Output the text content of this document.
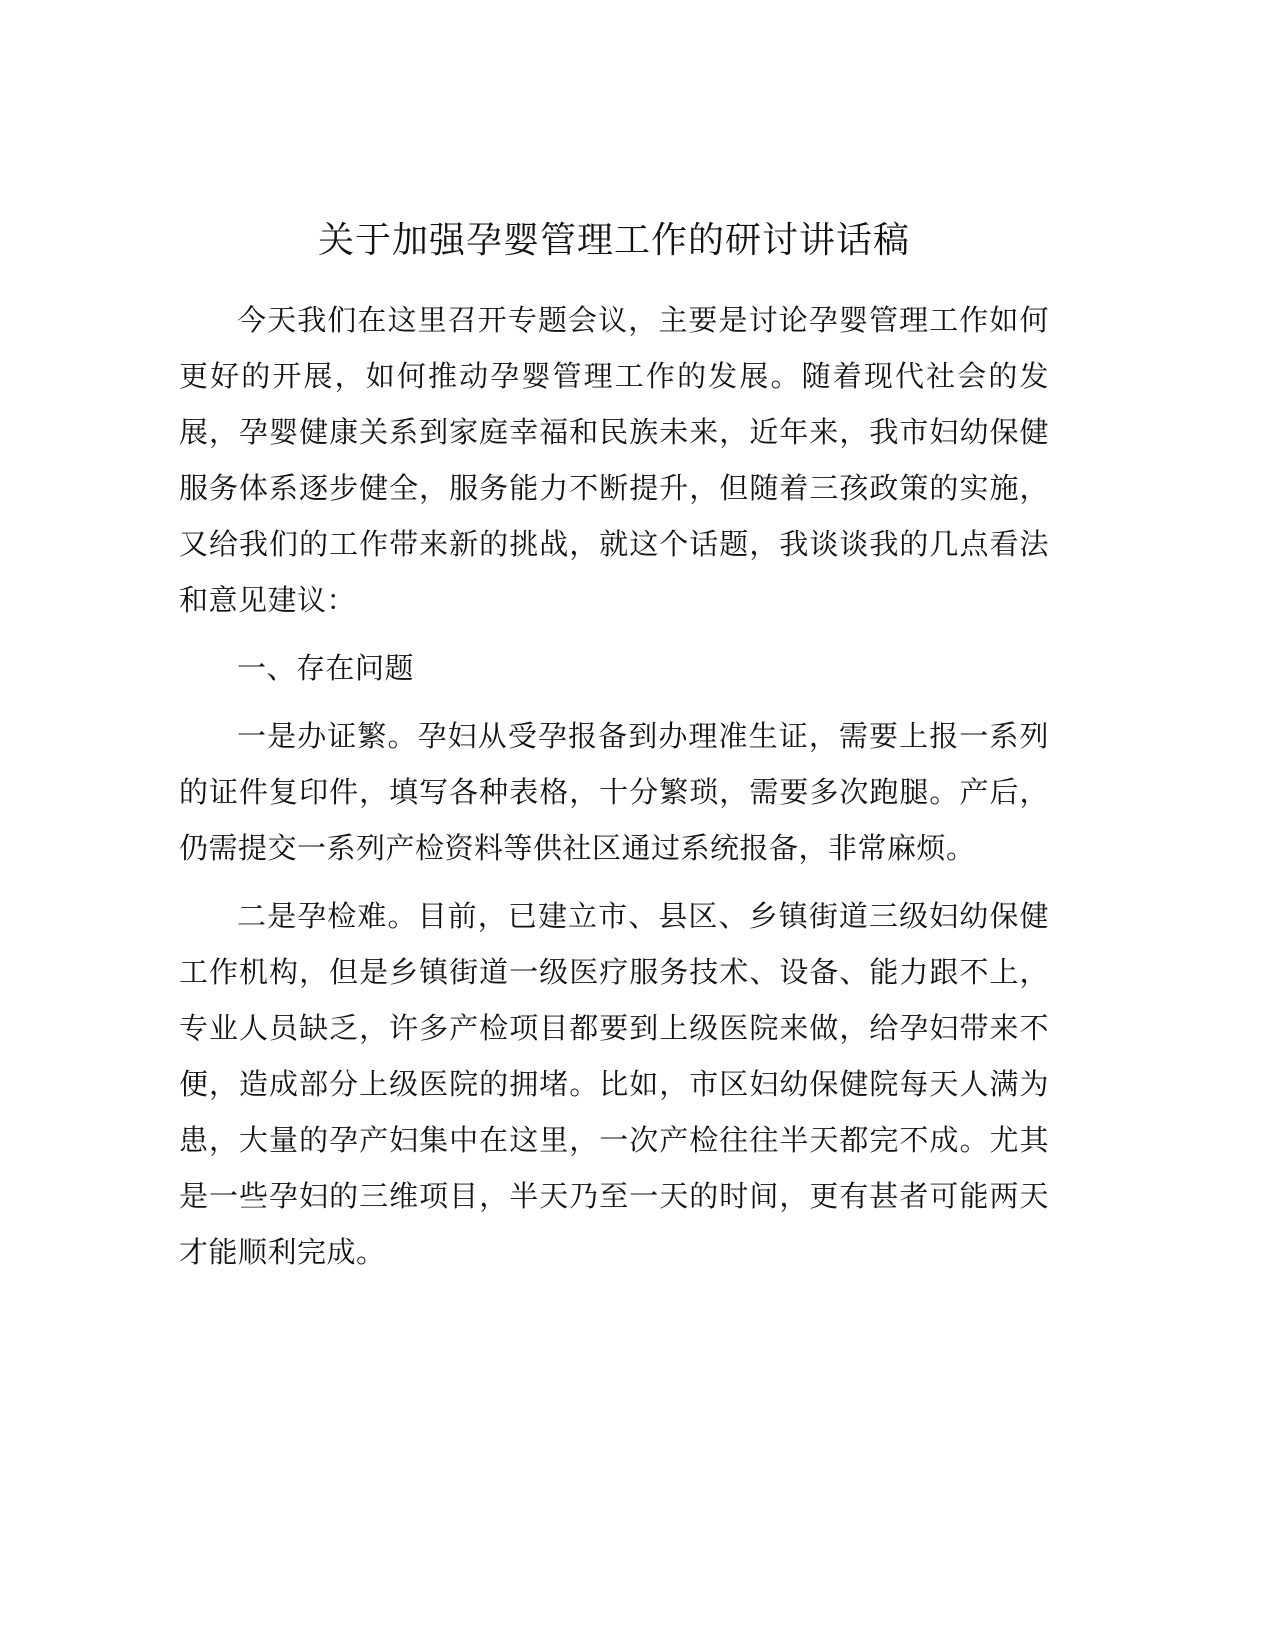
关于加强孕婴管理工作的研讨讲话稿

今天我们在这里召开专题会议，主要是讨论孕婴管理工作如何更好的开展，如何推动孕婴管理工作的发展。随着现代社会的发展，孕婴健康关系到家庭幸福和民族未来，近年来，我市妇幼保健服务体系逐步健全，服务能力不断提升，但随着三孩政策的实施，又给我们的工作带来新的挑战，就这个话题，我谈谈我的几点看法和意见建议：

一、存在问题

一是办证繁。孕妇从受孕报备到办理准生证，需要上报一系列的证件复印件，填写各种表格，十分繁琐，需要多次跑腿。产后，仍需提交一系列产检资料等供社区通过系统报备，非常麻烦。

二是孕检难。目前，已建立市、县区、乡镇街道三级妇幼保健工作机构，但是乡镇街道一级医疗服务技术、设备、能力跟不上，专业人员缺乏，许多产检项目都要到上级医院来做，给孕妇带来不便，造成部分上级医院的拥堵。比如，市区妇幼保健院每天人满为患，大量的孕产妇集中在这里，一次产检往往半天都完不成。尤其是一些孕妇的三维项目，半天乃至一天的时间，更有甚者可能两天才能顺利完成。
